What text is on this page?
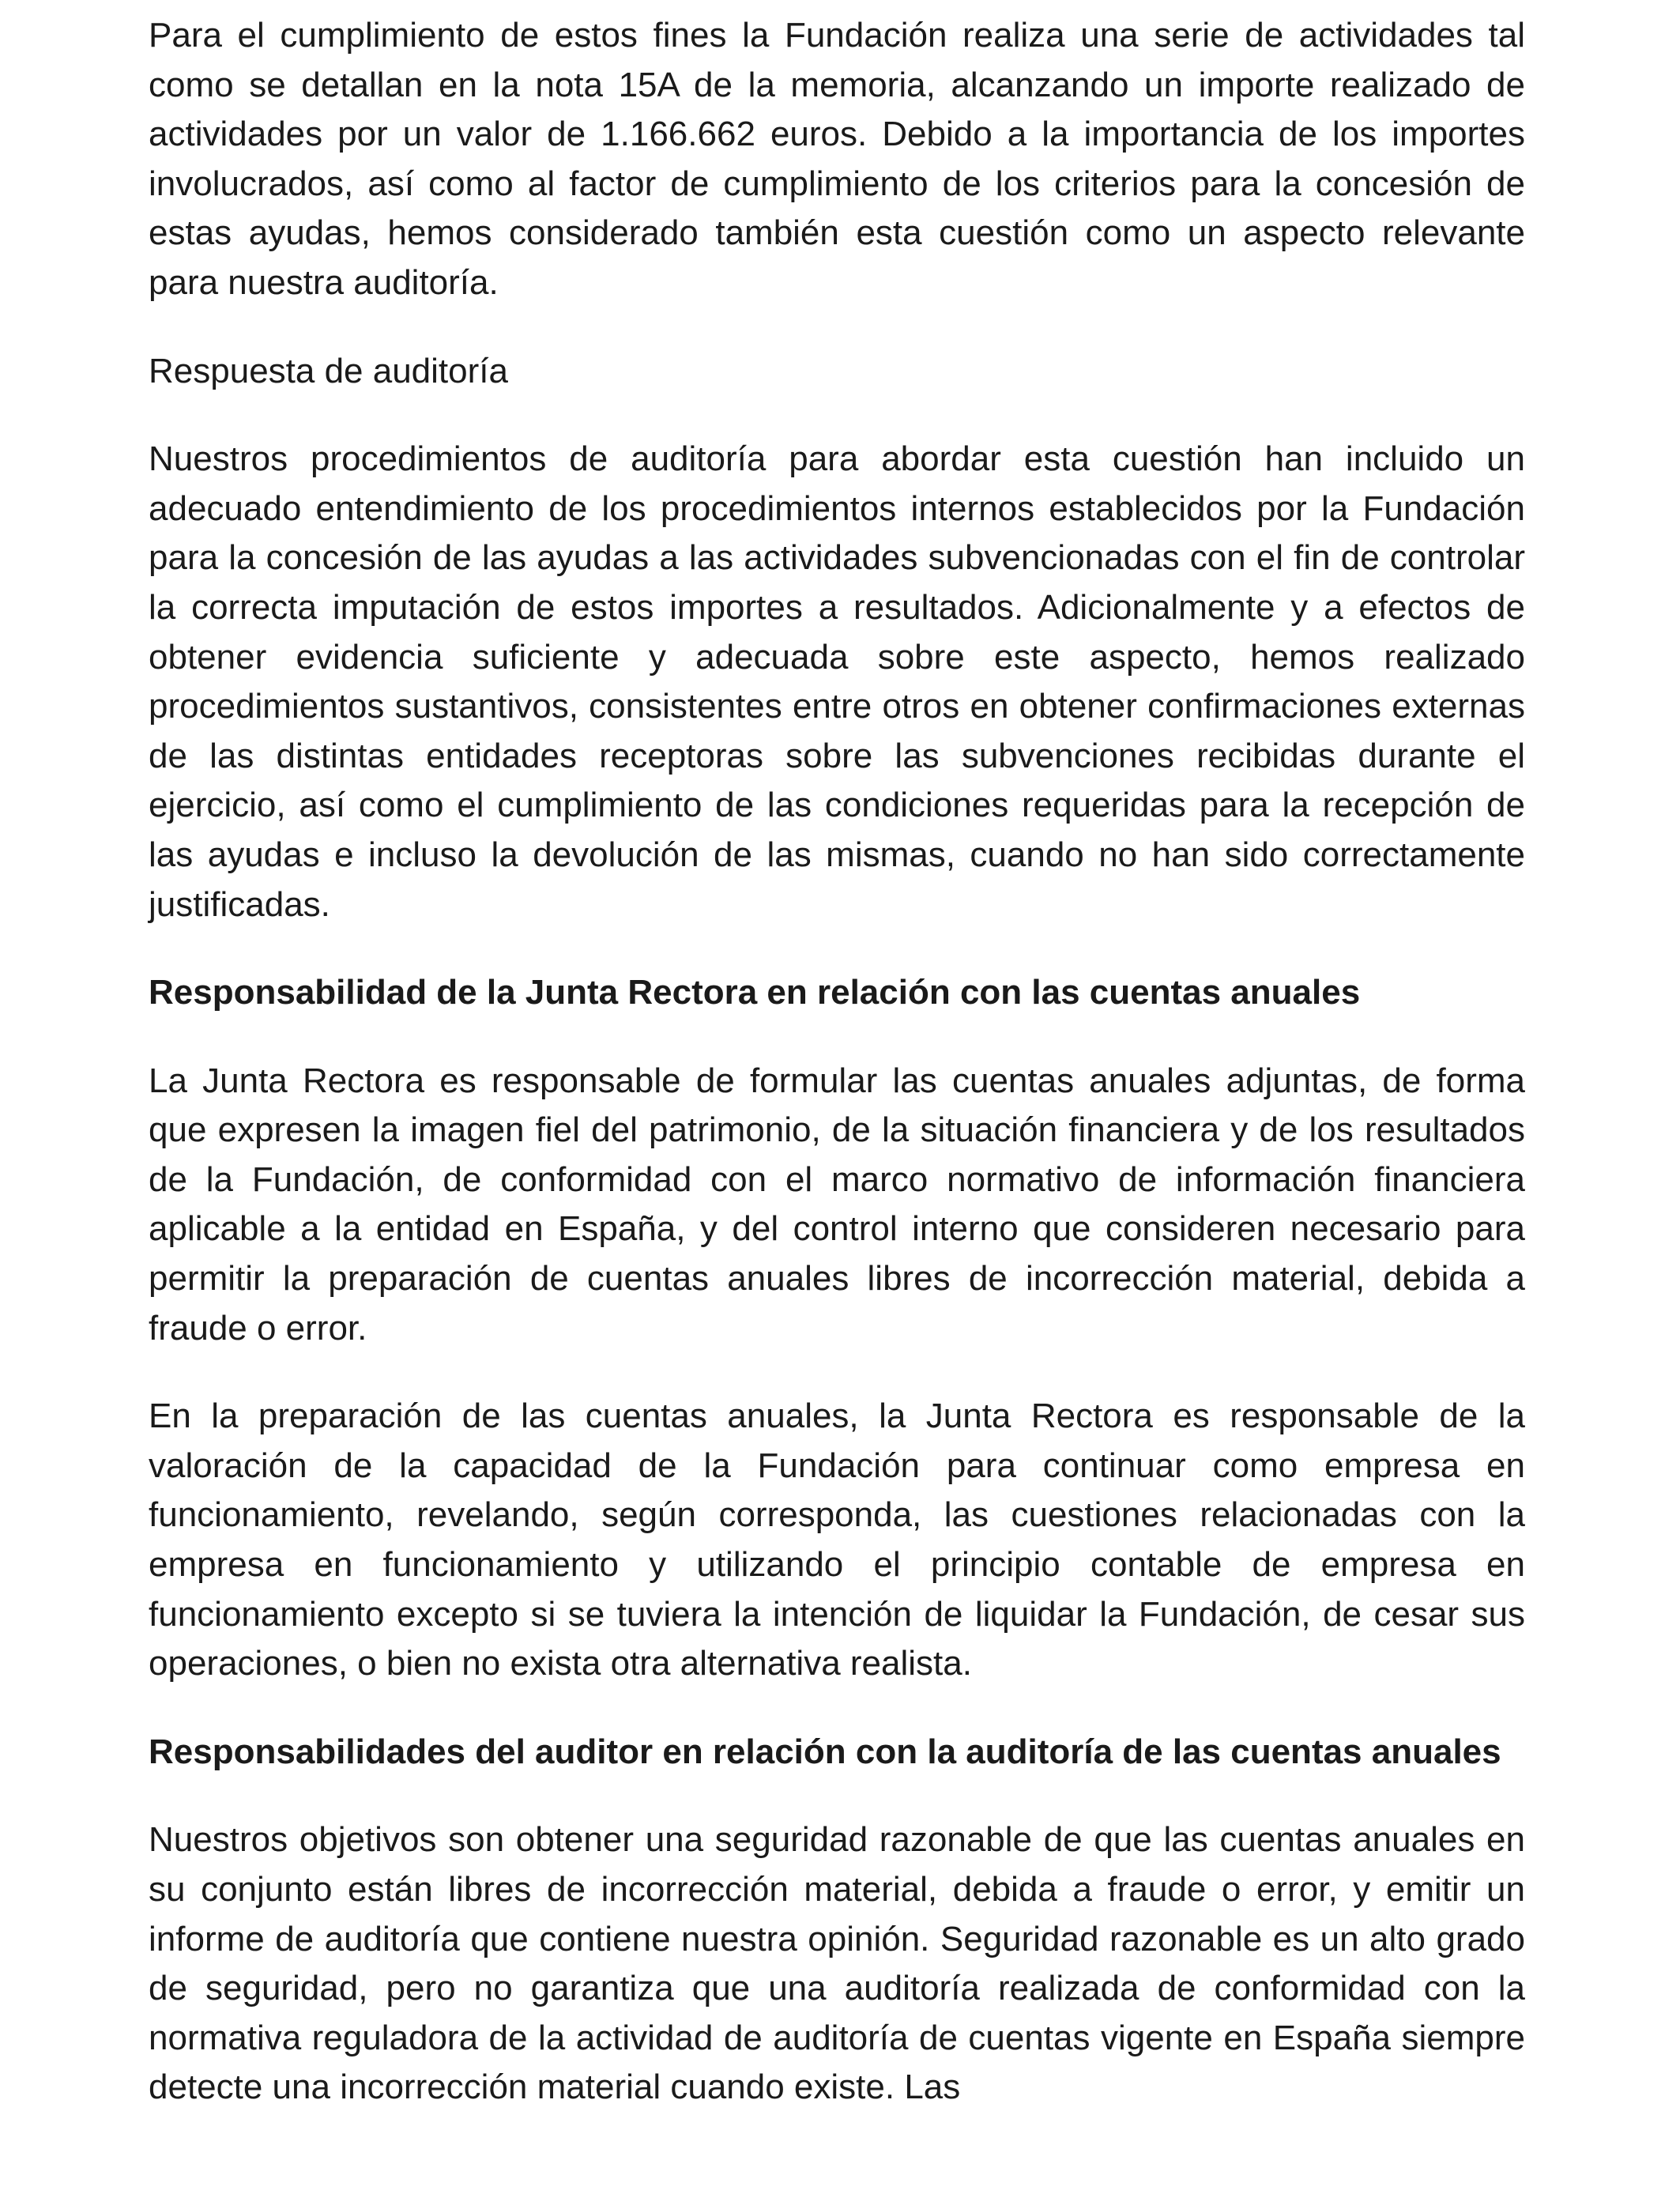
Para el cumplimiento de estos fines la Fundación realiza una serie de actividades tal como se detallan en la nota 15A de la memoria, alcanzando un importe realizado de actividades por un valor de 1.166.662 euros. Debido a la importancia de los importes involucrados, así como al factor de cumplimiento de los criterios para la concesión de estas ayudas, hemos considerado también esta cuestión como un aspecto relevante para nuestra auditoría.

Respuesta de auditoría

Nuestros procedimientos de auditoría para abordar esta cuestión han incluido un adecuado entendimiento de los procedimientos internos establecidos por la Fundación para la concesión de las ayudas a las actividades subvencionadas con el fin de controlar la correcta imputación de estos importes a resultados. Adicionalmente y a efectos de obtener evidencia suficiente y adecuada sobre este aspecto, hemos realizado procedimientos sustantivos, consistentes entre otros en obtener confirmaciones externas de las distintas entidades receptoras sobre las subvenciones recibidas durante el ejercicio, así como el cumplimiento de las condiciones requeridas para la recepción de las ayudas e incluso la devolución de las mismas, cuando no han sido correctamente justificadas.

Responsabilidad de la Junta Rectora en relación con las cuentas anuales

La Junta Rectora es responsable de formular las cuentas anuales adjuntas, de forma que expresen la imagen fiel del patrimonio, de la situación financiera y de los resultados de la Fundación, de conformidad con el marco normativo de información financiera aplicable a la entidad en España, y del control interno que consideren necesario para permitir la preparación de cuentas anuales libres de incorrección material, debida a fraude o error.

En la preparación de las cuentas anuales, la Junta Rectora es responsable de la valoración de la capacidad de la Fundación para continuar como empresa en funcionamiento, revelando, según corresponda, las cuestiones relacionadas con la empresa en funcionamiento y utilizando el principio contable de empresa en funcionamiento excepto si se tuviera la intención de liquidar la Fundación, de cesar sus operaciones, o bien no exista otra alternativa realista.

Responsabilidades del auditor en relación con la auditoría de las cuentas anuales

Nuestros objetivos son obtener una seguridad razonable de que las cuentas anuales en su conjunto están libres de incorrección material, debida a fraude o error, y emitir un informe de auditoría que contiene nuestra opinión. Seguridad razonable es un alto grado de seguridad, pero no garantiza que una auditoría realizada de conformidad con la normativa reguladora de la actividad de auditoría de cuentas vigente en España siempre detecte una incorrección material cuando existe. Las
